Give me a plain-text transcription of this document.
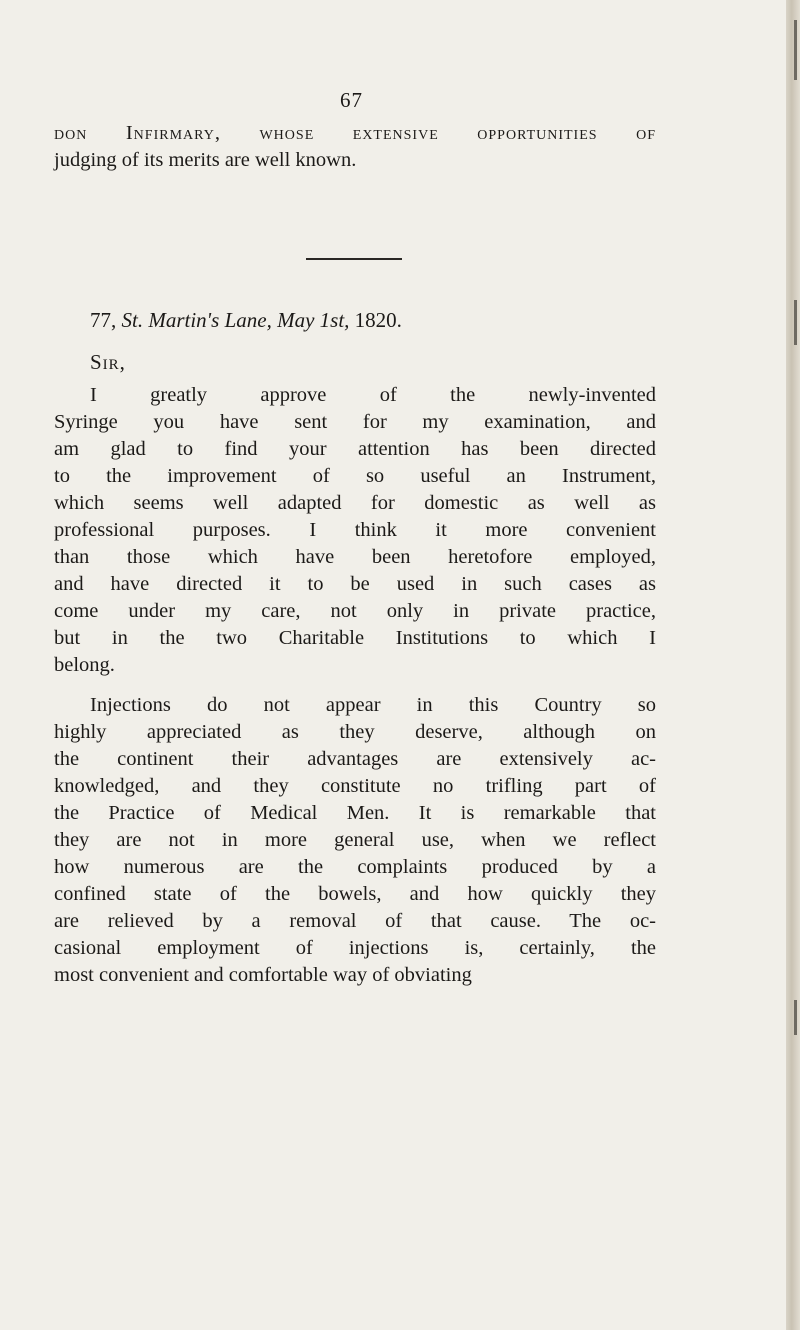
67
don Infirmary, whose extensive opportunities of
judging of its merits are well known.
77, St. Martin's Lane, May 1st, 1820.
Sir,
I greatly approve of the newly-invented
Syringe you have sent for my examination, and
am glad to find your attention has been directed
to the improvement of so useful an Instrument,
which seems well adapted for domestic as well as
professional purposes. I think it more convenient
than those which have been heretofore employed,
and have directed it to be used in such cases as
come under my care, not only in private practice,
but in the two Charitable Institutions to which I
belong.
Injections do not appear in this Country so
highly appreciated as they deserve, although on
the continent their advantages are extensively ac-
knowledged, and they constitute no trifling part of
the Practice of Medical Men. It is remarkable that
they are not in more general use, when we reflect
how numerous are the complaints produced by a
confined state of the bowels, and how quickly they
are relieved by a removal of that cause. The oc-
casional employment of injections is, certainly, the
most convenient and comfortable way of obviating
